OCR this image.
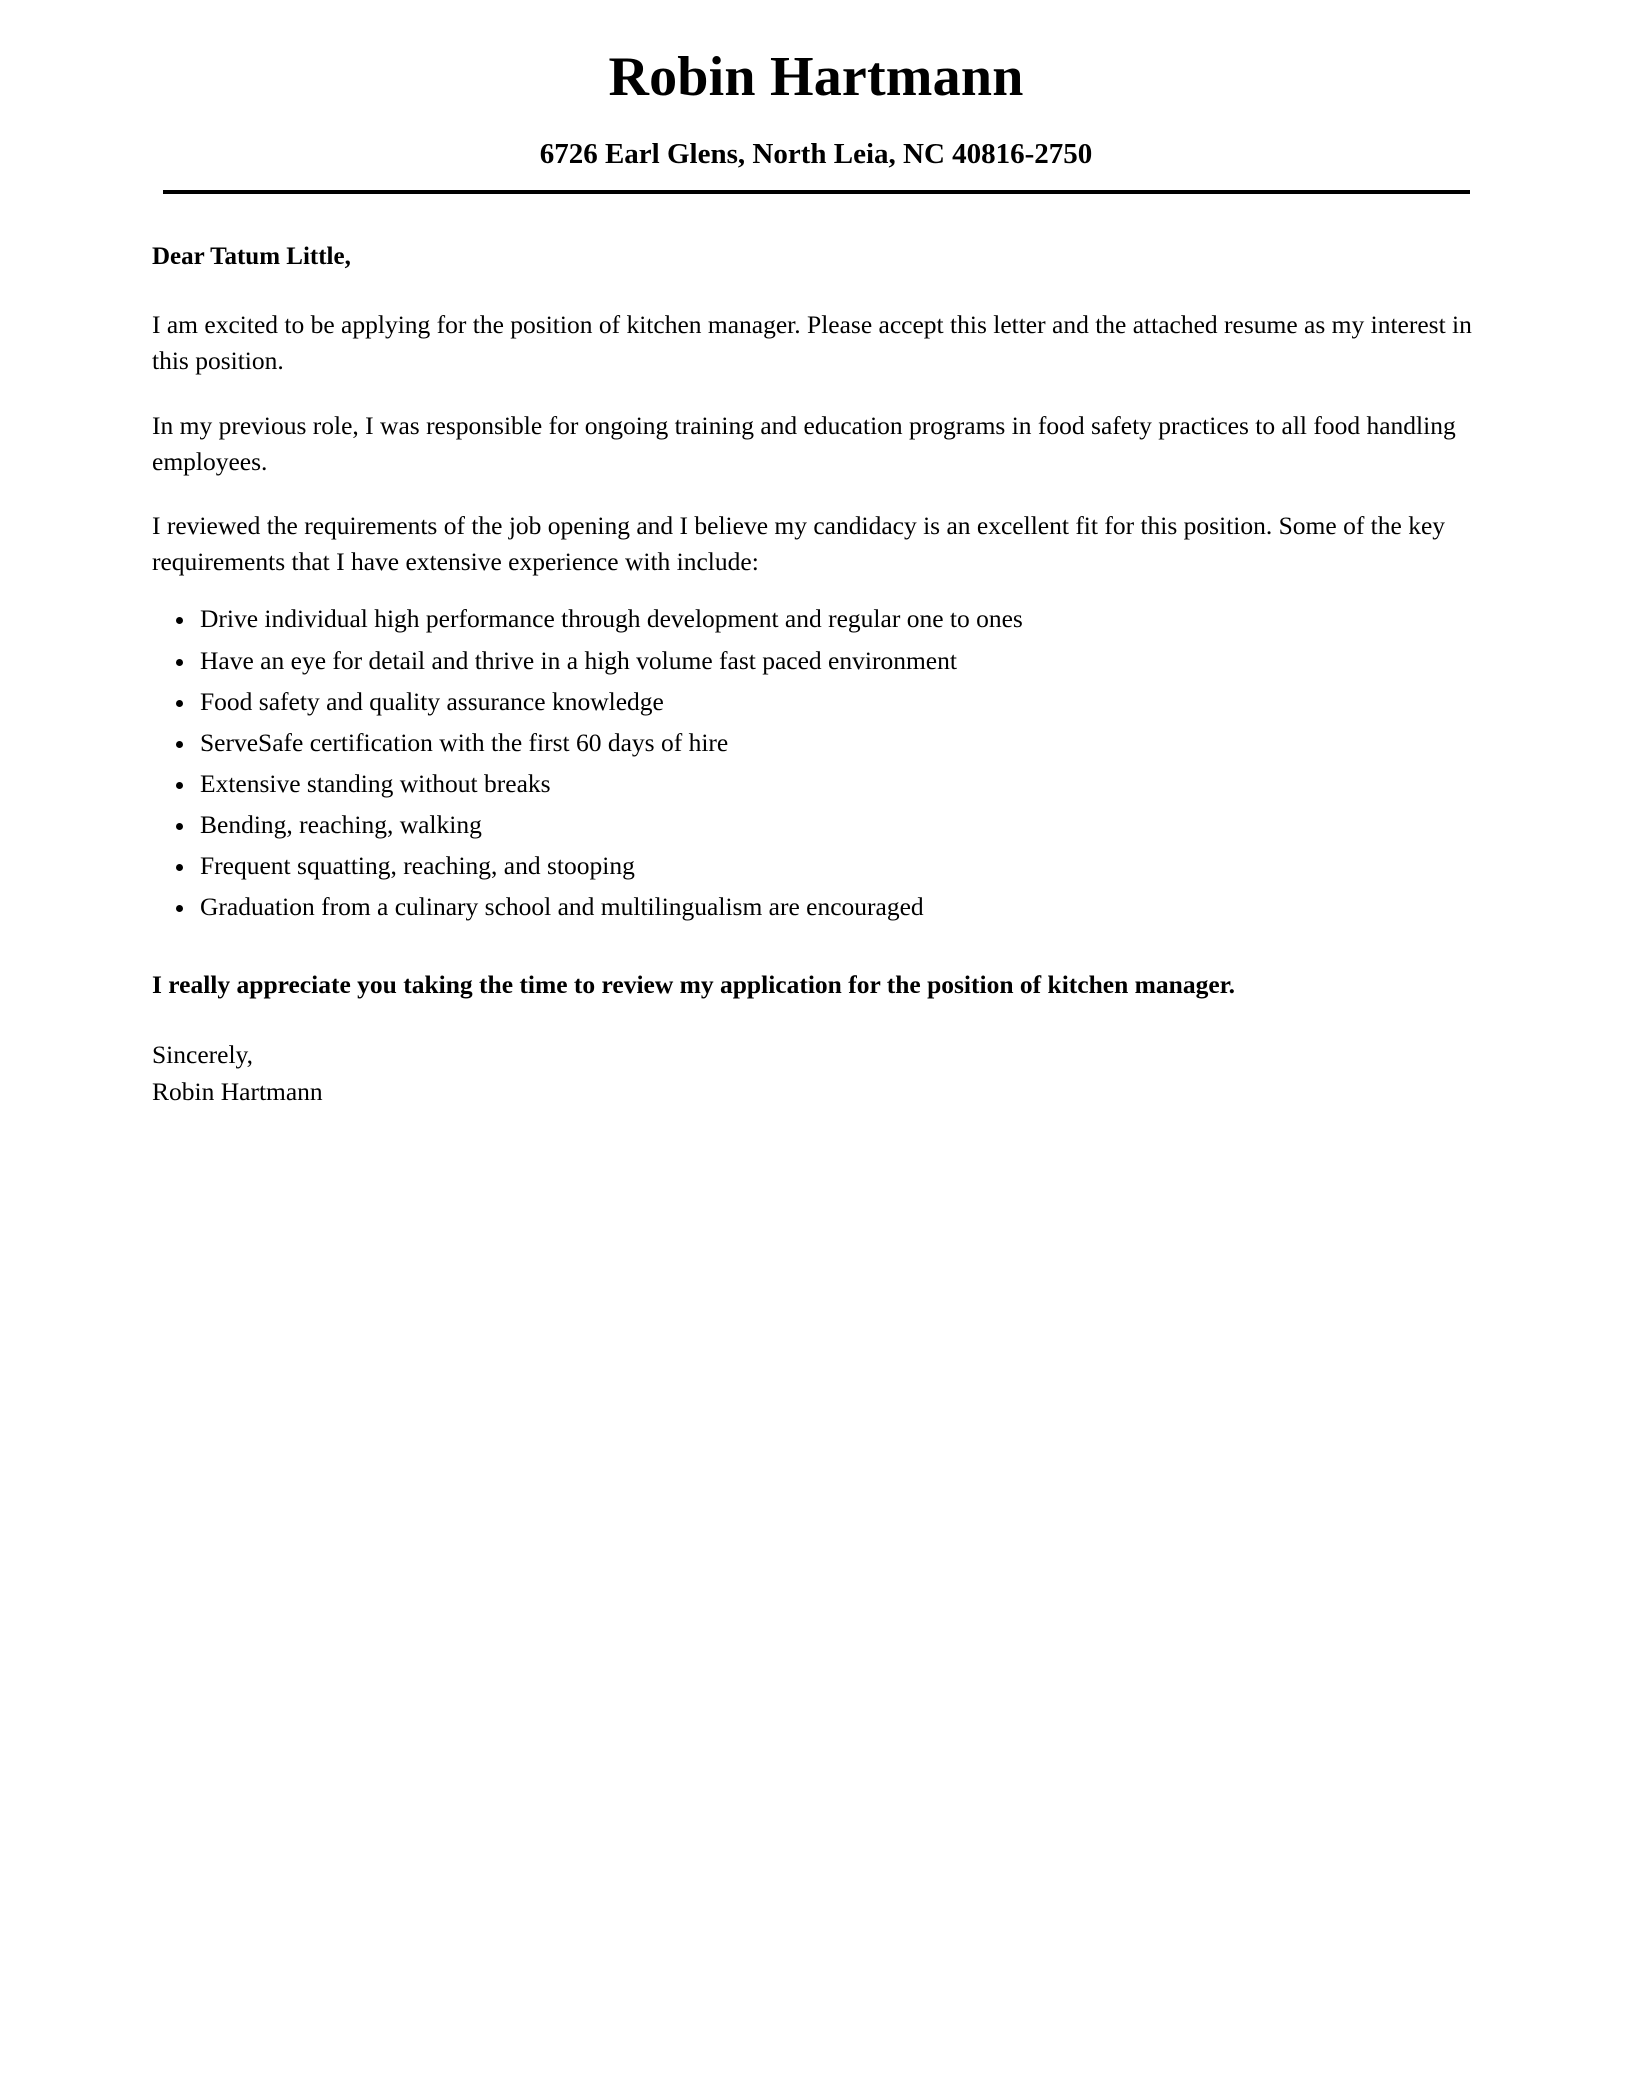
Robin Hartmann
6726 Earl Glens, North Leia, NC 40816-2750
Dear Tatum Little,

I am excited to be applying for the position of kitchen manager. Please accept this letter and the attached resume as my interest in this position.

In my previous role, I was responsible for ongoing training and education programs in food safety practices to all food handling employees.

I reviewed the requirements of the job opening and I believe my candidacy is an excellent fit for this position. Some of the key requirements that I have extensive experience with include:

Drive individual high performance through development and regular one to ones
Have an eye for detail and thrive in a high volume fast paced environment
Food safety and quality assurance knowledge
ServeSafe certification with the first 60 days of hire
Extensive standing without breaks
Bending, reaching, walking
Frequent squatting, reaching, and stooping
Graduation from a culinary school and multilingualism are encouraged

I really appreciate you taking the time to review my application for the position of kitchen manager.

Sincerely,
Robin Hartmann
